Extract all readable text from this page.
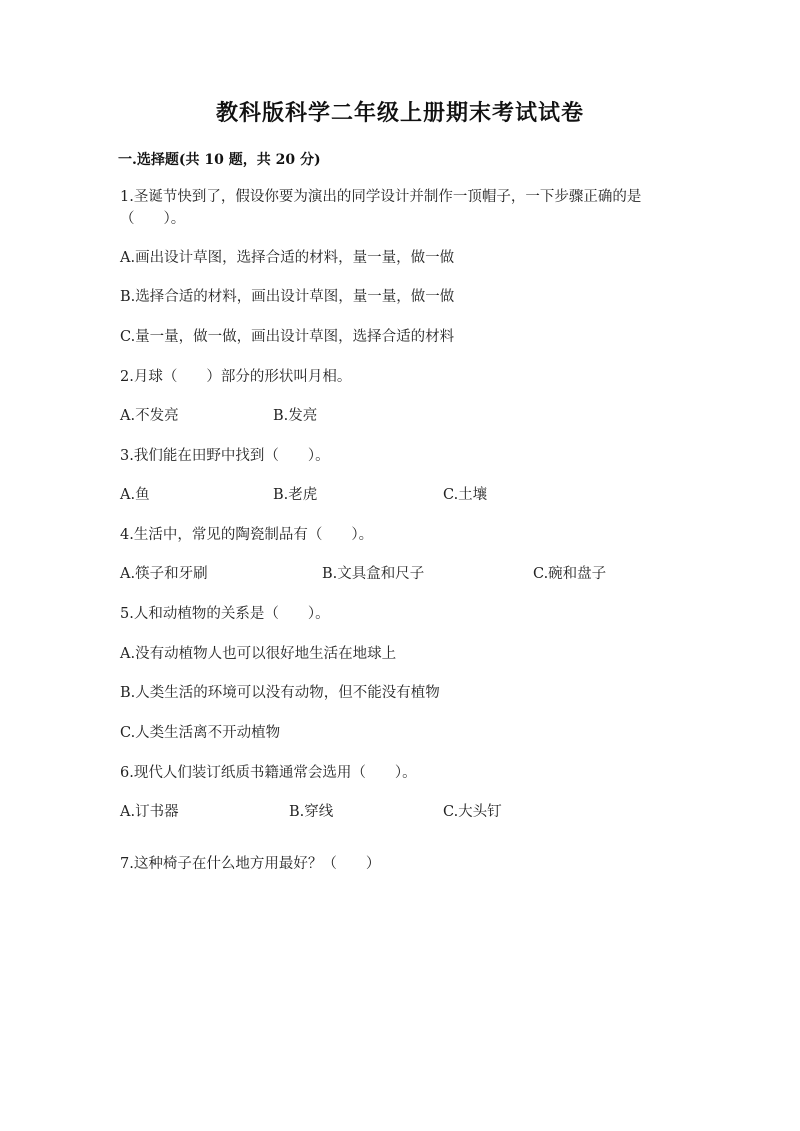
教科版科学二年级上册期末考试试卷
一.选择题(共 10 题，共 20 分)
1.圣诞节快到了，假设你要为演出的同学设计并制作一顶帽子，一下步骤正确的是（　　）。
A.画出设计草图，选择合适的材料，量一量，做一做
B.选择合适的材料，画出设计草图，量一量，做一做
C.量一量，做一做，画出设计草图，选择合适的材料
2.月球（　　）部分的形状叫月相。
A.不发亮	B.发亮
3.我们能在田野中找到（　　）。
A.鱼	B.老虎	C.土壤
4.生活中，常见的陶瓷制品有（　　）。
A.筷子和牙刷	B.文具盒和尺子	C.碗和盘子
5.人和动植物的关系是（　　）。
A.没有动植物人也可以很好地生活在地球上
B.人类生活的环境可以没有动物，但不能没有植物
C.人类生活离不开动植物
6.现代人们装订纸质书籍通常会选用（　　）。
A.订书器	B.穿线	C.大头钉
7.这种椅子在什么地方用最好？（　　）
